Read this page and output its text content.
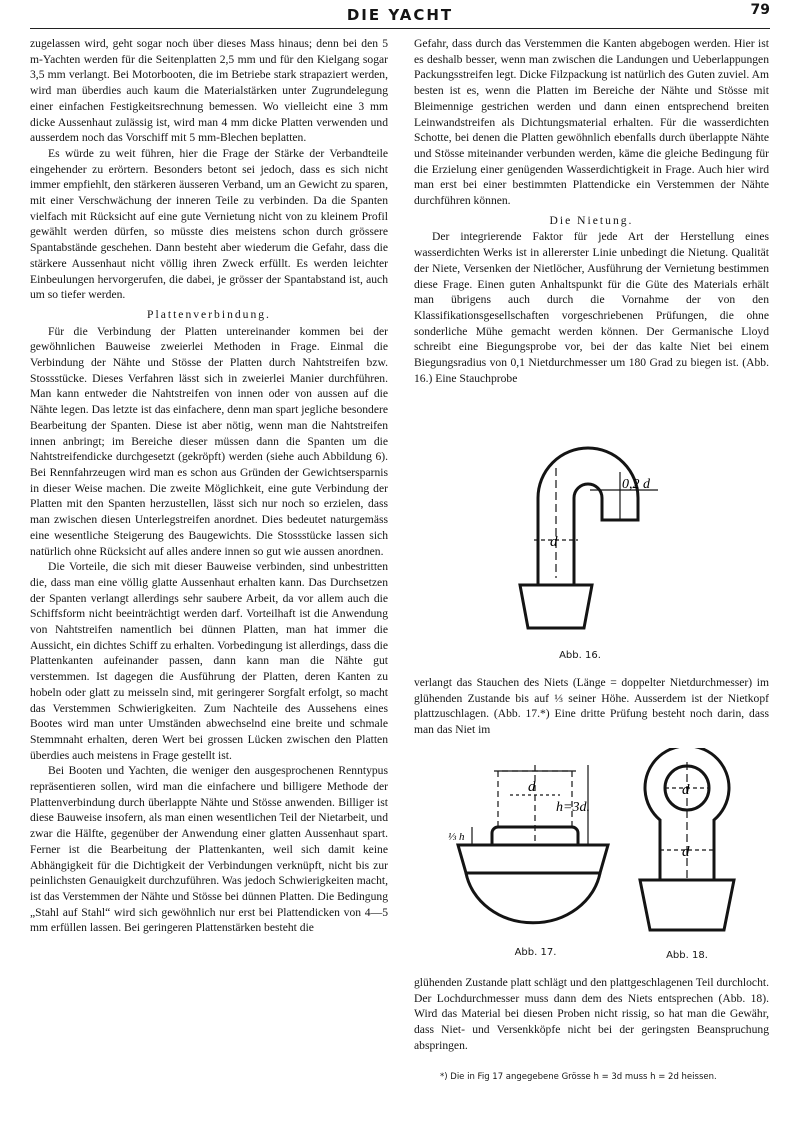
DIE YACHT	79

zugelassen wird, geht sogar noch über dieses Mass hinaus; denn bei den 5 m-Yachten werden für die Seitenplatten 2,5 mm und für den Kielgang sogar 3,5 mm verlangt. Bei Motorbooten, die im Betriebe stark strapaziert werden, wird man überdies auch kaum die Materialstärken unter Zugrundelegung einer einfachen Festigkeitsrechnung bemessen. Wo vielleicht eine 3 mm dicke Aussenhaut zulässig ist, wird man 4 mm dicke Platten verwenden und ausserdem noch das Vorschiff mit 5 mm-Blechen beplatten.

Es würde zu weit führen, hier die Frage der Stärke der Verbandteile eingehender zu erörtern. Besonders betont sei jedoch, dass es sich nicht immer empfiehlt, den stärkeren äusseren Verband, um an Gewicht zu sparen, mit einer Verschwächung der inneren Teile zu verbinden. Da die Spanten vielfach mit Rücksicht auf eine gute Vernietung nicht von zu kleinem Profil gewählt werden dürfen, so müsste dies meistens schon durch grössere Spantabstände geschehen. Dann besteht aber wiederum die Gefahr, dass die stärkere Aussenhaut nicht völlig ihren Zweck erfüllt. Es werden leichter Einbeulungen hervorgerufen, die dabei, je grösser der Spantabstand ist, auch um so tiefer werden.

Plattenverbindung.

Für die Verbindung der Platten untereinander kommen bei der gewöhnlichen Bauweise zweierlei Methoden in Frage. Einmal die Verbindung der Nähte und Stösse der Platten durch Nahtstreifen bzw. Stossstücke. Dieses Verfahren lässt sich in zweierlei Manier durchführen. Man kann entweder die Nahtstreifen von innen oder von aussen auf die Nähte legen. Das letzte ist das einfachere, denn man spart jegliche besondere Bearbeitung der Spanten. Diese ist aber nötig, wenn man die Nahtstreifen innen anbringt; im Bereiche dieser müssen dann die Spanten um die Nahtstreifendicke durchgesetzt (gekröpft) werden (siehe auch Abbildung 6). Bei Rennfahrzeugen wird man es schon aus Gründen der Gewichtsersparnis in dieser Weise machen. Die zweite Möglichkeit, eine gute Verbindung der Platten mit den Spanten herzustellen, lässt sich nur noch so erzielen, dass man zwischen diesen Unterlegstreifen anordnet. Dies bedeutet naturgemäss eine wesentliche Steigerung des Baugewichts. Die Stossstücke lassen sich natürlich ohne Rücksicht auf alles andere innen so gut wie aussen anordnen.

Die Vorteile, die sich mit dieser Bauweise verbinden, sind unbestritten die, dass man eine völlig glatte Aussenhaut erhalten kann. Das Durchsetzen der Spanten verlangt allerdings sehr saubere Arbeit, da vor allem auch die Schiffsform nicht beeinträchtigt werden darf. Vorteilhaft ist die Anwendung von Nahtstreifen namentlich bei dünnen Platten, man hat immer die Aussicht, ein dichtes Schiff zu erhalten. Vorbedingung ist allerdings, dass die Plattenkanten aufeinander passen, dann kann man die Nähte gut verstemmen. Ist dagegen die Ausführung der Platten, deren Kanten zu hobeln oder glatt zu meisseln sind, mit geringerer Sorgfalt erfolgt, so macht das Verstemmen Schwierigkeiten. Zum Nachteile des Aussehens eines Bootes wird man unter Umständen abwechselnd eine breite und schmale Stemmnaht erhalten, deren Wert bei grossen Lücken zwischen den Platten überdies auch meistens in Frage gestellt ist.

Bei Booten und Yachten, die weniger den ausgesprochenen Renntypus repräsentieren sollen, wird man die einfachere und billigere Methode der Plattenverbindung durch überlappte Nähte und Stösse anwenden. Billiger ist diese Bauweise insofern, als man einen wesentlichen Teil der Nietarbeit, und zwar die Hälfte, gegenüber der Anwendung einer glatten Aussenhaut spart. Ferner ist die Bearbeitung der Plattenkanten, weil sich damit keine Abhängigkeit für die Dichtigkeit der Verbindungen verknüpft, nicht bis zur peinlichsten Genauigkeit durchzuführen. Was jedoch Schwierigkeiten macht, ist das Verstemmen der Nähte und Stösse bei dünnen Platten. Die Bedingung „Stahl auf Stahl“ wird sich gewöhnlich nur erst bei Plattendicken von 4—5 mm erfüllen lassen. Bei geringeren Plattenstärken besteht die

Gefahr, dass durch das Verstemmen die Kanten abgebogen werden. Hier ist es deshalb besser, wenn man zwischen die Landungen und Ueberlappungen Packungsstreifen legt. Dicke Filzpackung ist natürlich des Guten zuviel. Am besten ist es, wenn die Platten im Bereiche der Nähte und Stösse mit Bleimennige gestrichen werden und dann einen entsprechend breiten Leinwandstreifen als Dichtungsmaterial erhalten. Für die wasserdichten Schotte, bei denen die Platten gewöhnlich ebenfalls durch überlappte Nähte und Stösse miteinander verbunden werden, käme die gleiche Bedingung für die Erzielung einer genügenden Wasserdichtigkeit in Frage. Auch hier wird man erst bei einer bestimmten Plattendicke ein Verstemmen der Nähte durchführen können.

Die Nietung.

Der integrierende Faktor für jede Art der Herstellung eines wasserdichten Werks ist in allererster Linie unbedingt die Nietung. Qualität der Niete, Versenken der Nietlöcher, Ausführung der Vernietung bestimmen diese Frage. Einen guten Anhaltspunkt für die Güte des Materials erhält man übrigens auch durch die Vornahme der von den Klassifikationsgesellschaften vorgeschriebenen Prüfungen, die ohne sonderliche Mühe gemacht werden können. Der Germanische Lloyd schreibt eine Biegungsprobe vor, bei der das kalte Niet bei einem Biegungsradius von 0,1 Nietdurchmesser um 180 Grad zu biegen ist. (Abb. 16.) Eine Stauchprobe

d
0,2 d
Abb. 16.

verlangt das Stauchen des Niets (Länge = doppelter Nietdurchmesser) im glühenden Zustande bis auf ⅓ seiner Höhe. Ausserdem ist der Nietkopf plattzuschlagen. (Abb. 17.*) Eine dritte Prüfung besteht noch darin, dass man das Niet im

d
h=3d.
⅓ h
Abb. 17.
d
d
Abb. 18.

glühenden Zustande platt schlägt und den plattgeschlagenen Teil durchlocht. Der Lochdurchmesser muss dann dem des Niets entsprechen (Abb. 18). Wird das Material bei diesen Proben nicht rissig, so hat man die Gewähr, dass Niet- und Versenkköpfe nicht bei der geringsten Beanspruchung abspringen.

*) Die in Fig 17 angegebene Grösse h = 3d muss h = 2d heissen.
